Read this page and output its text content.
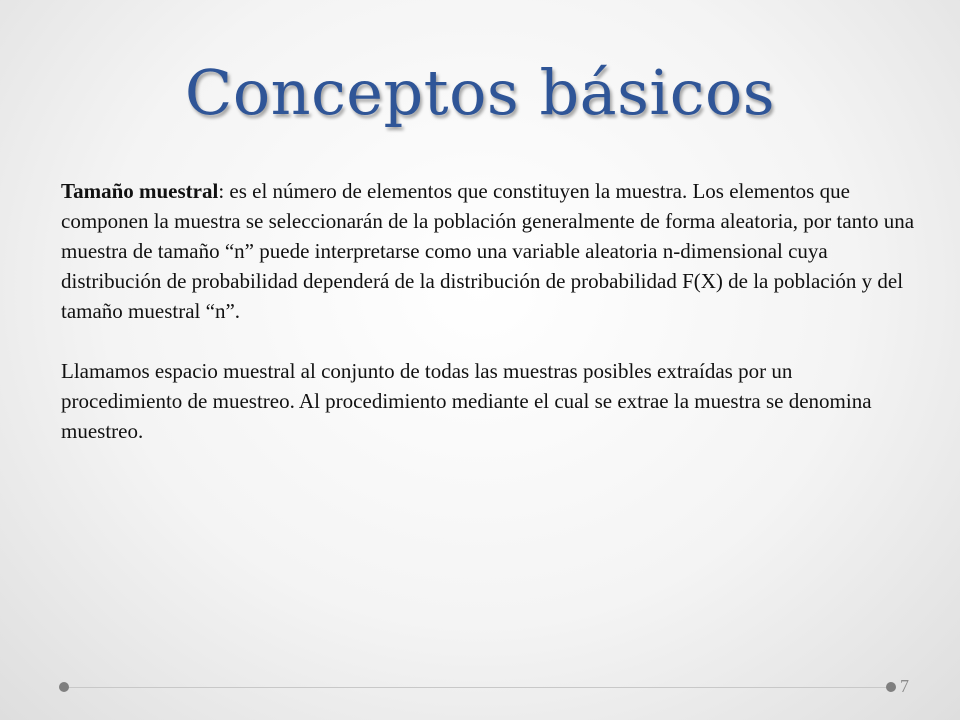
Conceptos básicos

Tamaño muestral: es el número de elementos que constituyen la muestra. Los elementos que componen la muestra se seleccionarán de la población generalmente de forma aleatoria, por tanto una muestra de tamaño “n” puede interpretarse como una variable aleatoria n-dimensional cuya distribución de probabilidad dependerá de la distribución de probabilidad F(X) de la población y del tamaño muestral “n”.

Llamamos espacio muestral al conjunto de todas las muestras posibles extraídas por un procedimiento de muestreo. Al procedimiento mediante el cual se extrae la muestra se denomina muestreo.

7
